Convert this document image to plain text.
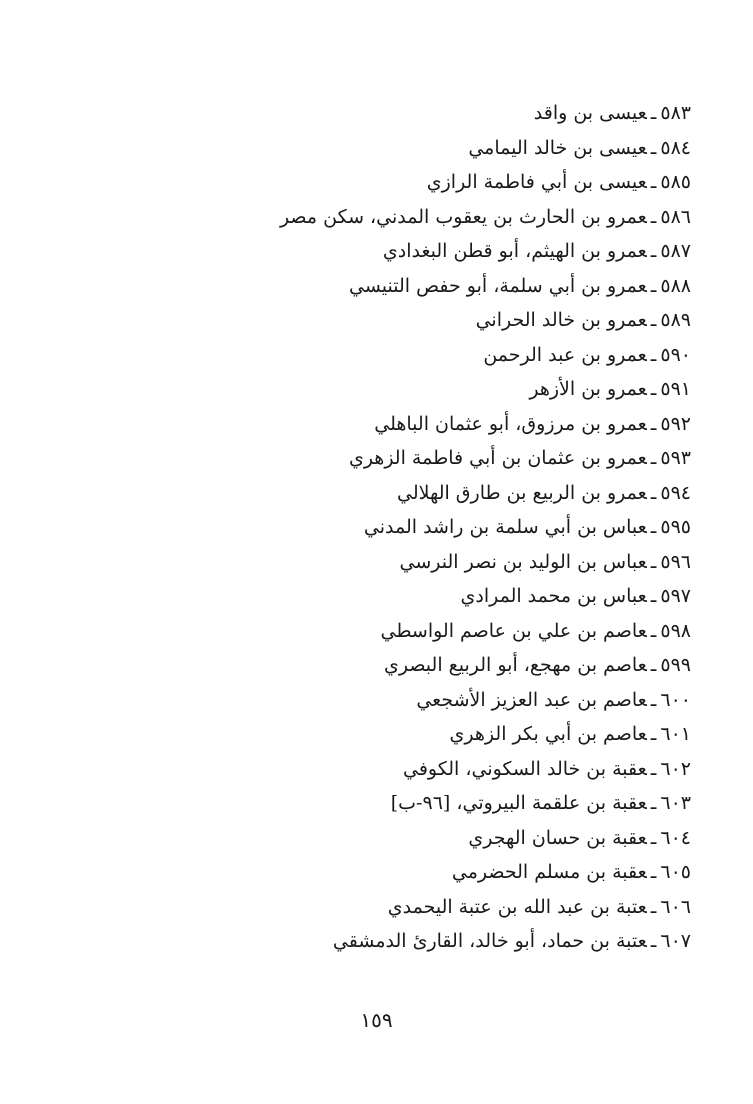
٥٨٣ـعيسى بن واقد
٥٨٤ـعيسى بن خالد اليمامي
٥٨٥ـعيسى بن أبي فاطمة الرازي
٥٨٦ـعمرو بن الحارث بن يعقوب المدني، سكن مصر
٥٨٧ـعمرو بن الهيثم، أبو قطن البغدادي
٥٨٨ـعمرو بن أبي سلمة، أبو حفص التنيسي
٥٨٩ـعمرو بن خالد الحراني
٥٩٠ـعمرو بن عبد الرحمن
٥٩١ـعمرو بن الأزهر
٥٩٢ـعمرو بن مرزوق، أبو عثمان الباهلي
٥٩٣ـعمرو بن عثمان بن أبي فاطمة الزهري
٥٩٤ـعمرو بن الربيع بن طارق الهلالي
٥٩٥ـعباس بن أبي سلمة بن راشد المدني
٥٩٦ـعباس بن الوليد بن نصر النرسي
٥٩٧ـعباس بن محمد المرادي
٥٩٨ـعاصم بن علي بن عاصم الواسطي
٥٩٩ـعاصم بن مهجع، أبو الربيع البصري
٦٠٠ـعاصم بن عبد العزيز الأشجعي
٦٠١ـعاصم بن أبي بكر الزهري
٦٠٢ـعقبة بن خالد السكوني، الكوفي
٦٠٣ـعقبة بن علقمة البيروتي، [٩٦-ب]
٦٠٤ـعقبة بن حسان الهجري
٦٠٥ـعقبة بن مسلم الحضرمي
٦٠٦ـعتبة بن عبد الله بن عتبة اليحمدي
٦٠٧ـعتبة بن حماد، أبو خالد، القارئ الدمشقي
١٥٩
